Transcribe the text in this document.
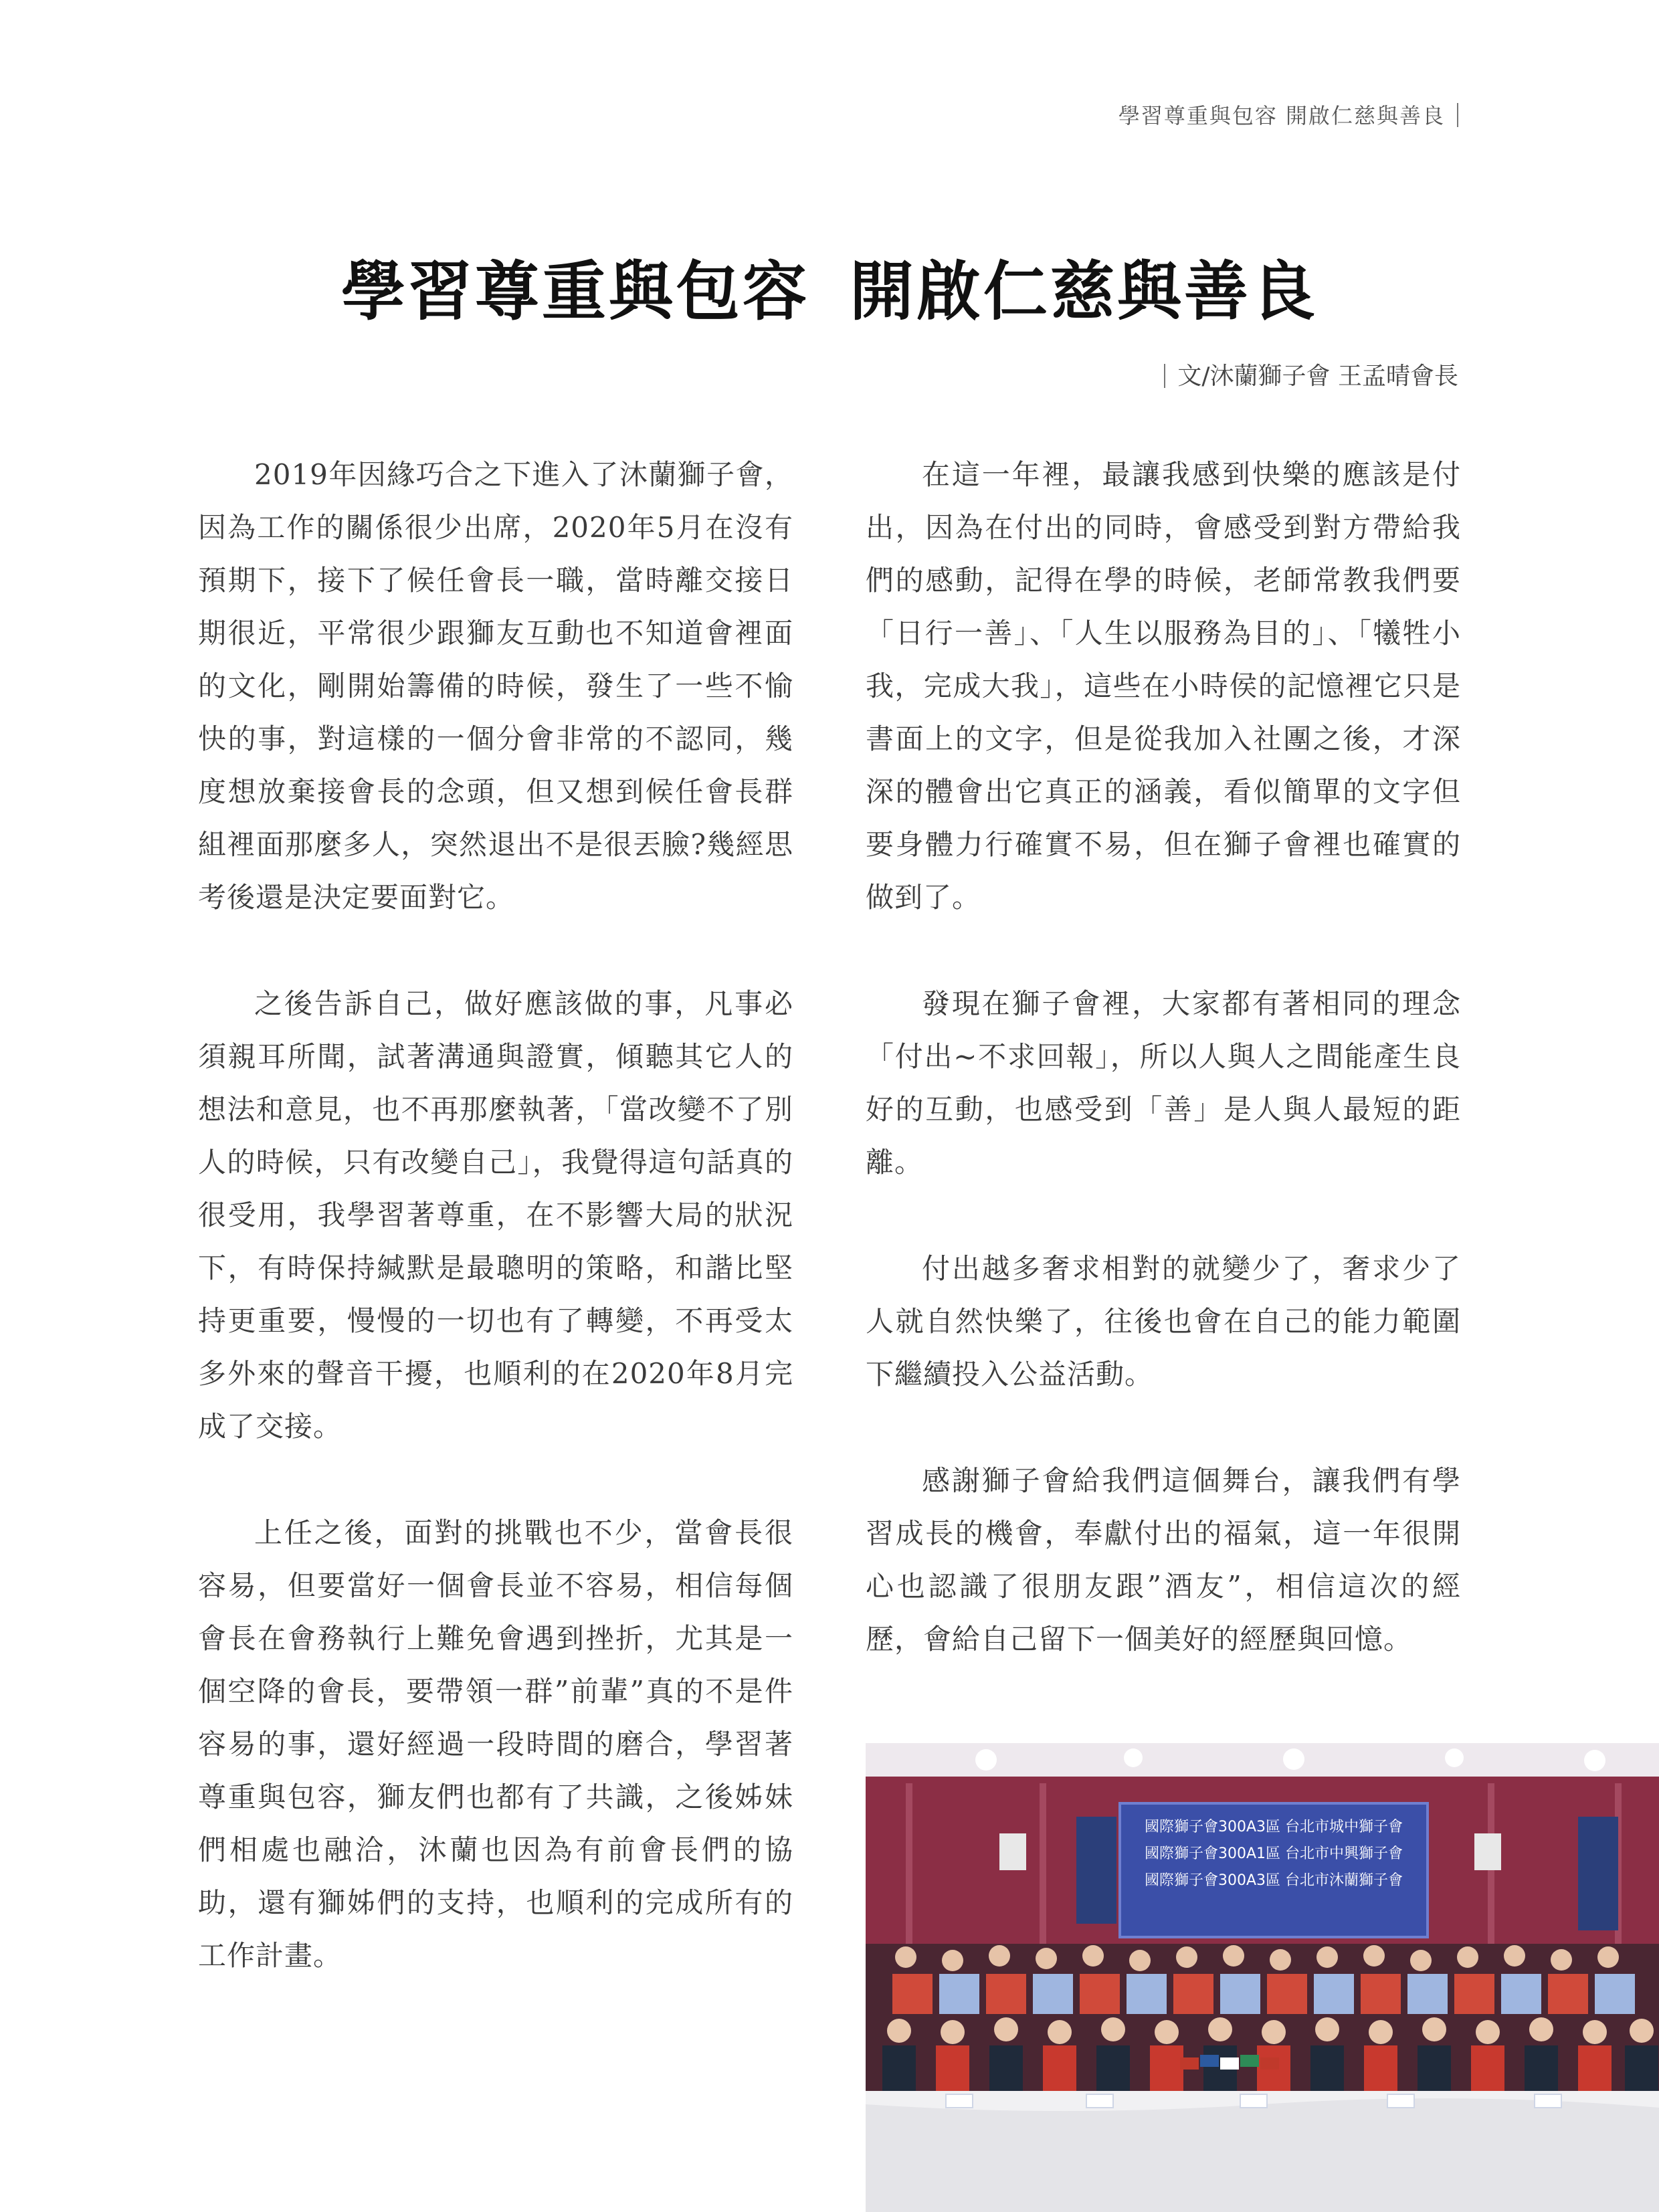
學習尊重與包容 開啟仁慈與善良
學習尊重與包容 開啟仁慈與善良
文/沐蘭獅子會 王孟晴會長

2019年因緣巧合之下進入了沐蘭獅子會，因為工作的關係很少出席，2020年5月在沒有預期下，接下了候任會長一職，當時離交接日期很近，平常很少跟獅友互動也不知道會裡面的文化，剛開始籌備的時候，發生了一些不愉快的事，對這樣的一個分會非常的不認同，幾度想放棄接會長的念頭，但又想到候任會長群組裡面那麼多人，突然退出不是很丟臉?幾經思考後還是決定要面對它。

之後告訴自己，做好應該做的事，凡事必須親耳所聞，試著溝通與證實，傾聽其它人的想法和意見，也不再那麼執著，「當改變不了別人的時候，只有改變自己」，我覺得這句話真的很受用，我學習著尊重，在不影響大局的狀況下，有時保持緘默是最聰明的策略，和諧比堅持更重要，慢慢的一切也有了轉變，不再受太多外來的聲音干擾，也順利的在2020年8月完成了交接。

上任之後，面對的挑戰也不少，當會長很容易，但要當好一個會長並不容易，相信每個會長在會務執行上難免會遇到挫折，尤其是一個空降的會長，要帶領一群”前輩”真的不是件容易的事，還好經過一段時間的磨合，學習著尊重與包容，獅友們也都有了共識，之後姊妹們相處也融洽，沐蘭也因為有前會長們的協助，還有獅姊們的支持，也順利的完成所有的工作計畫。

在這一年裡，最讓我感到快樂的應該是付出，因為在付出的同時，會感受到對方帶給我們的感動，記得在學的時候，老師常教我們要「日行一善」、「人生以服務為目的」、「犧牲小我，完成大我」，這些在小時侯的記憶裡它只是書面上的文字，但是從我加入社團之後，才深深的體會出它真正的涵義，看似簡單的文字但要身體力行確實不易，但在獅子會裡也確實的做到了。

發現在獅子會裡，大家都有著相同的理念「付出~不求回報」，所以人與人之間能產生良好的互動，也感受到「善」是人與人最短的距離。

付出越多奢求相對的就變少了，奢求少了人就自然快樂了，往後也會在自己的能力範圍下繼續投入公益活動。

感謝獅子會給我們這個舞台，讓我們有學習成長的機會，奉獻付出的福氣，這一年很開心也認識了很朋友跟”酒友”，相信這次的經歷，會給自己留下一個美好的經歷與回憶。

國際獅子會300A3區 台北市城中獅子會
國際獅子會300A1區 台北市中興獅子會
國際獅子會300A3區 台北市沐蘭獅子會
